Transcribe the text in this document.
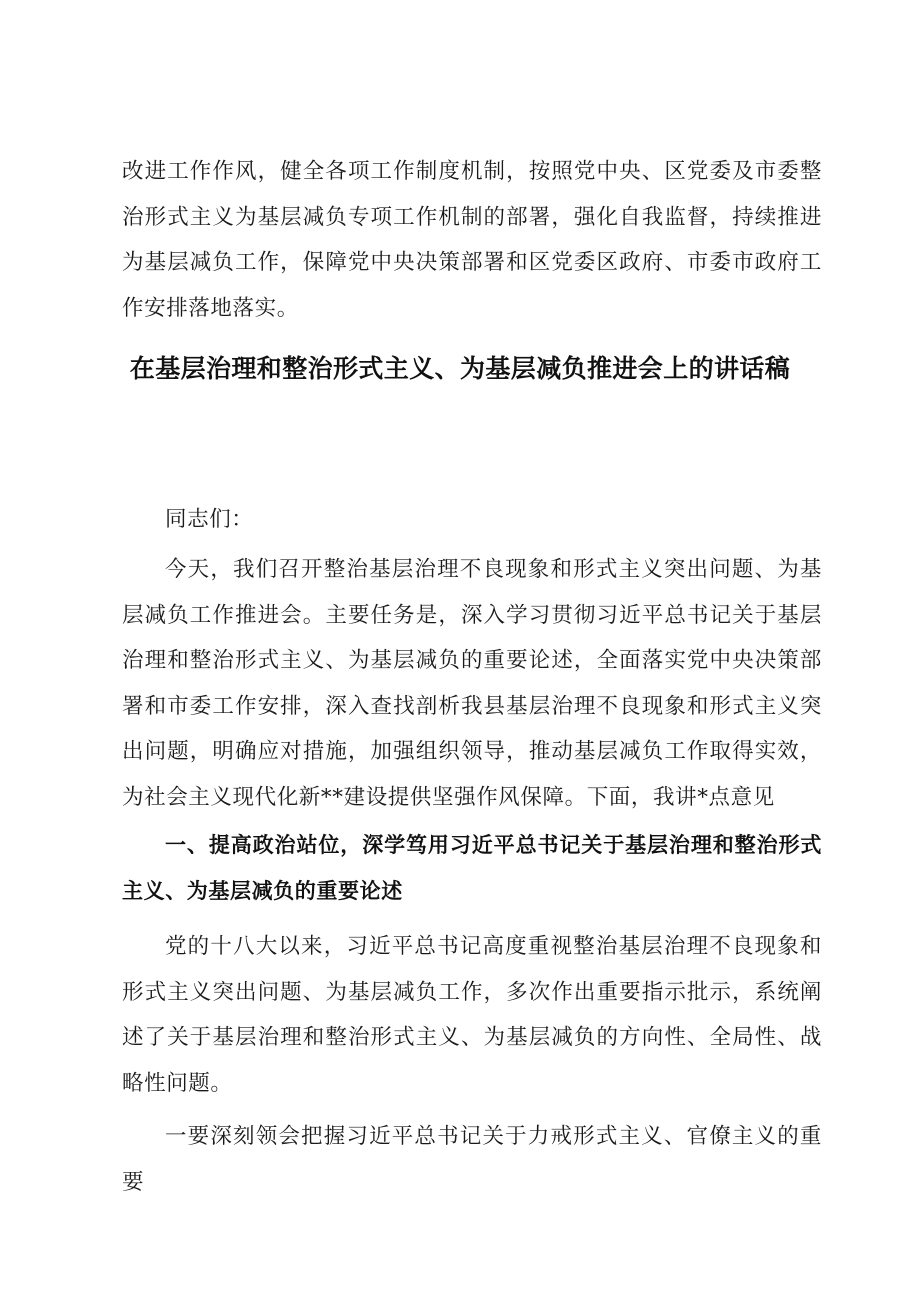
改进工作作风，健全各项工作制度机制，按照党中央、区党委及市委整治形式主义为基层减负专项工作机制的部署，强化自我监督，持续推进为基层减负工作，保障党中央决策部署和区党委区政府、市委市政府工作安排落地落实。

在基层治理和整治形式主义、为基层减负推进会上的讲话稿

同志们：

今天，我们召开整治基层治理不良现象和形式主义突出问题、为基层减负工作推进会。主要任务是，深入学习贯彻习近平总书记关于基层治理和整治形式主义、为基层减负的重要论述，全面落实党中央决策部署和市委工作安排，深入查找剖析我县基层治理不良现象和形式主义突出问题，明确应对措施，加强组织领导，推动基层减负工作取得实效，为社会主义现代化新**建设提供坚强作风保障。下面，我讲*点意见

一、提高政治站位，深学笃用习近平总书记关于基层治理和整治形式主义、为基层减负的重要论述

党的十八大以来，习近平总书记高度重视整治基层治理不良现象和形式主义突出问题、为基层减负工作，多次作出重要指示批示，系统阐述了关于基层治理和整治形式主义、为基层减负的方向性、全局性、战略性问题。

一要深刻领会把握习近平总书记关于力戒形式主义、官僚主义的重要
